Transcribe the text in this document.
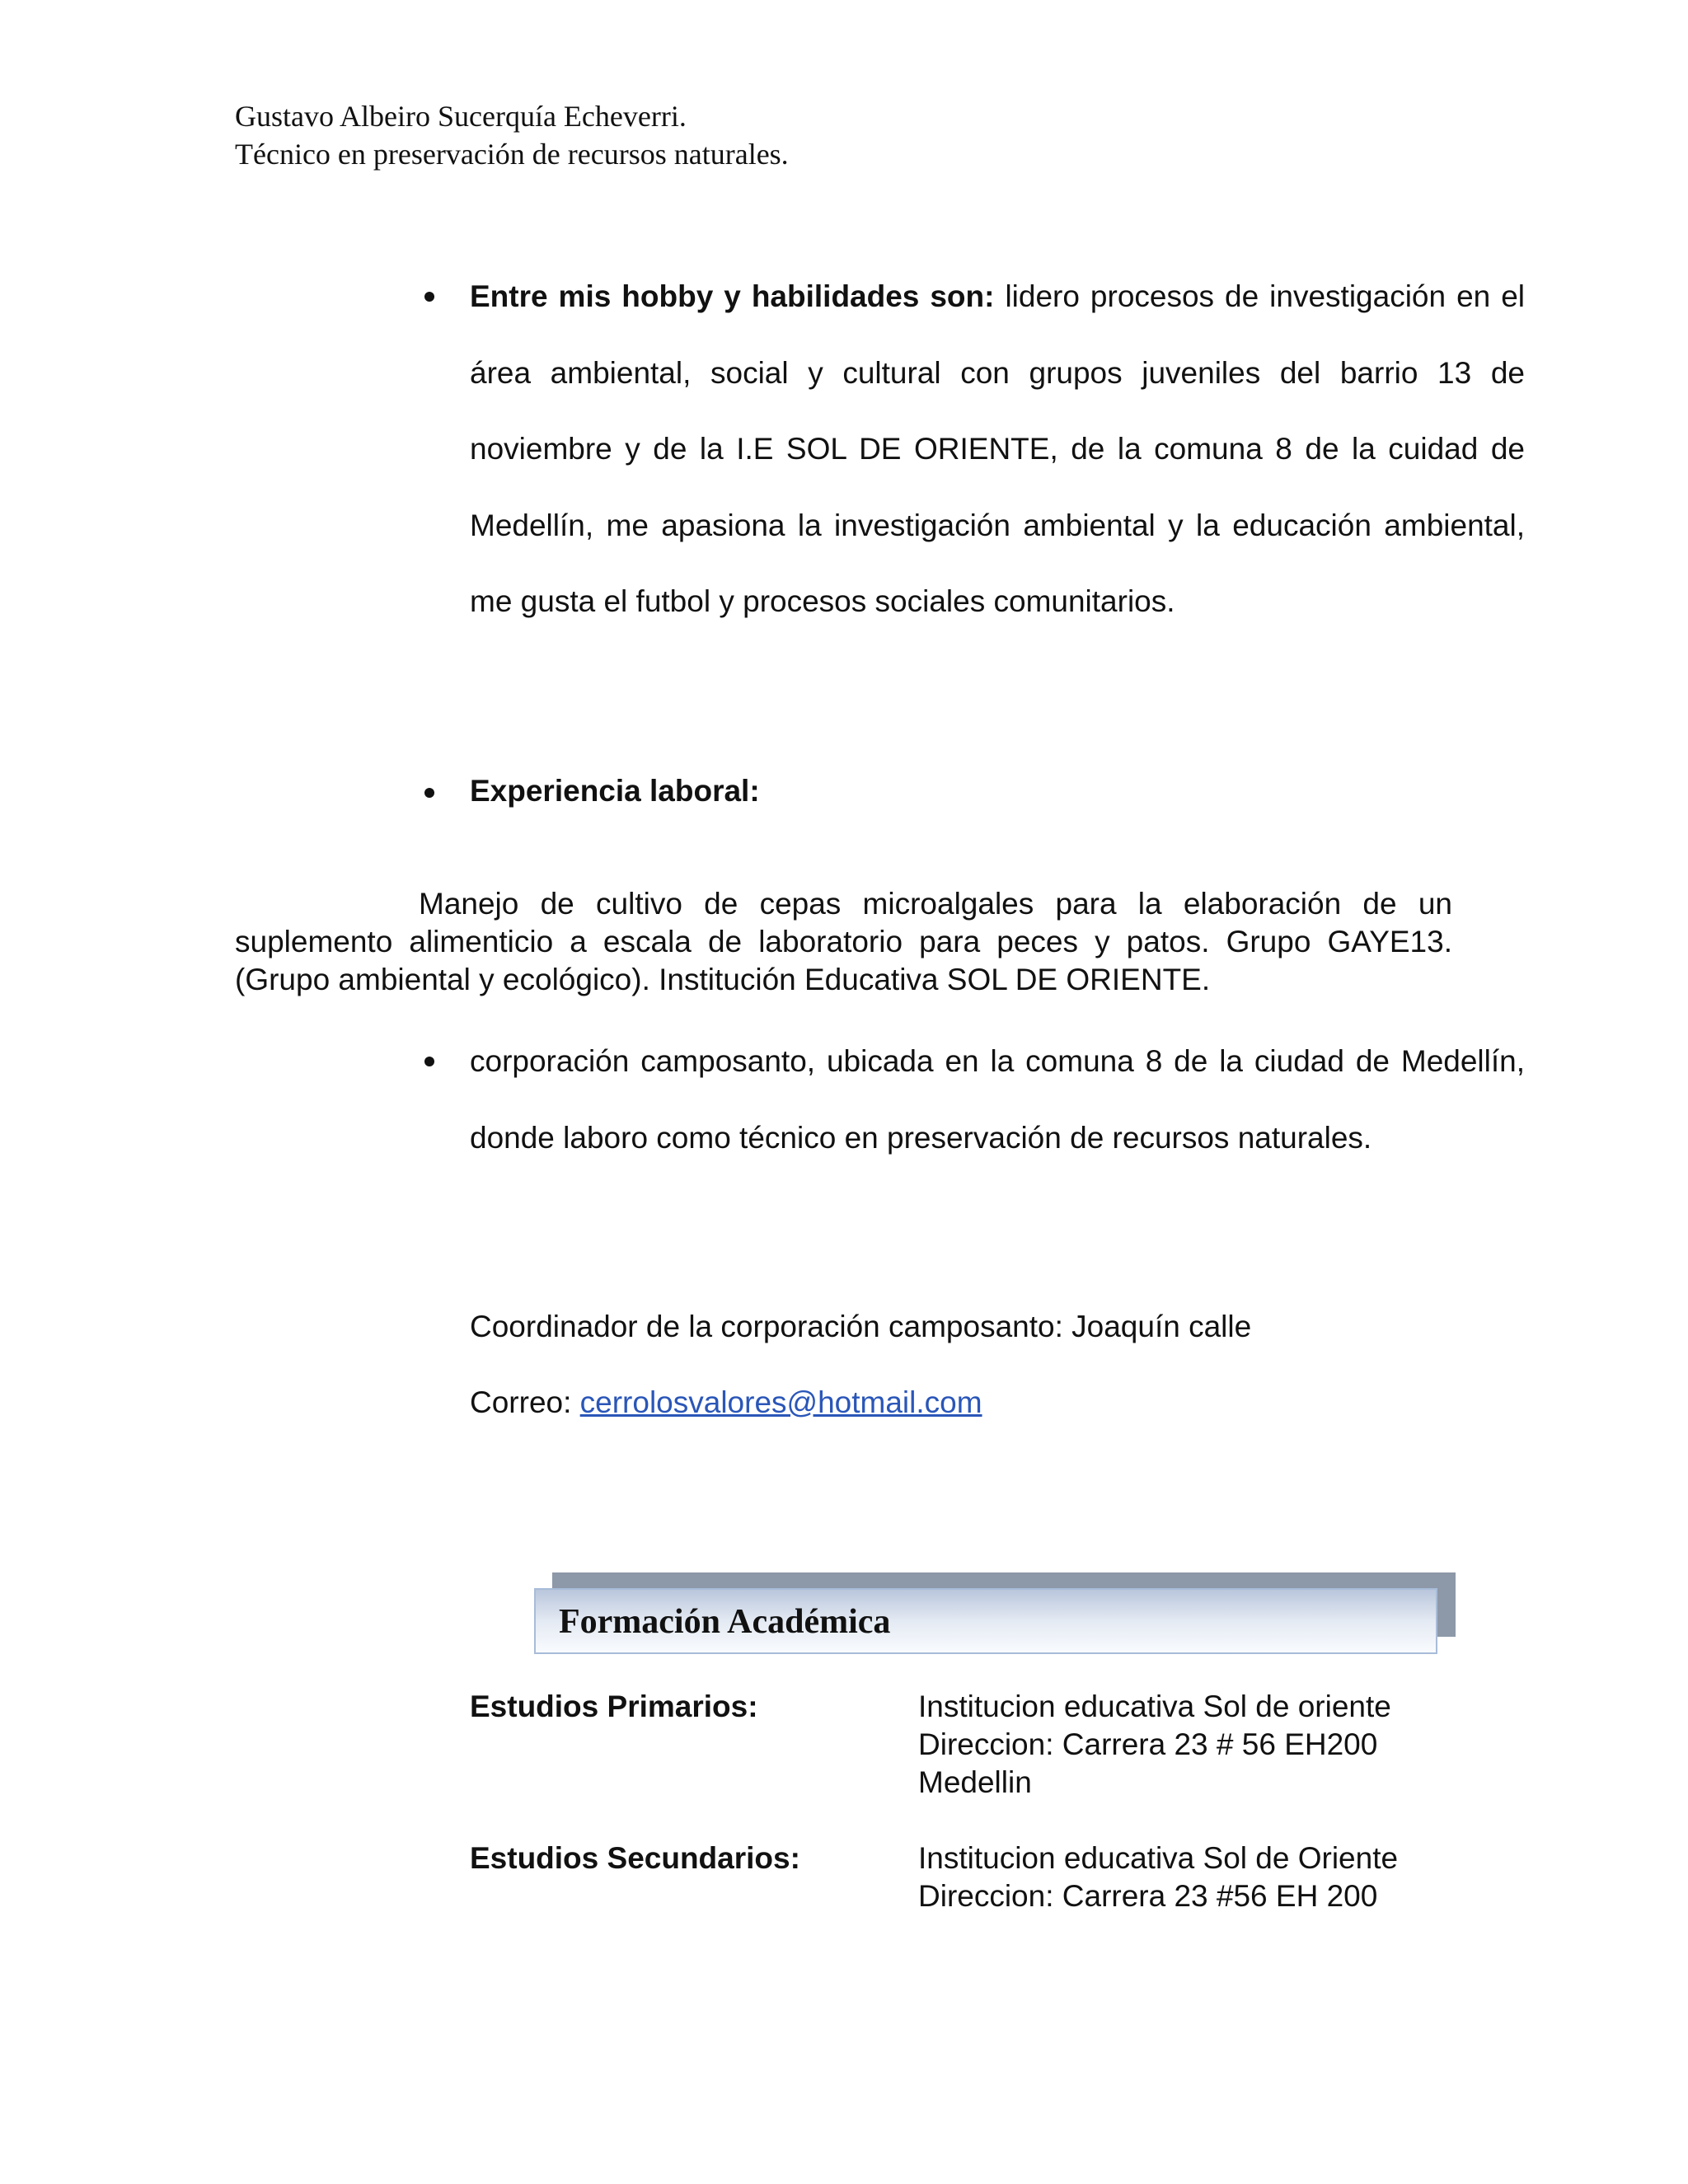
Gustavo Albeiro Sucerquía Echeverri.
Técnico en preservación de recursos naturales.
Entre mis hobby y habilidades son: lidero procesos de investigación en el área ambiental, social y cultural con grupos juveniles del barrio 13 de noviembre y de la I.E SOL DE ORIENTE, de la comuna 8 de la cuidad de Medellín, me apasiona la investigación ambiental y la educación ambiental, me gusta el futbol y procesos sociales comunitarios.
Experiencia laboral:
Manejo de cultivo de cepas microalgales para la elaboración de un suplemento alimenticio a escala de laboratorio para peces y patos. Grupo GAYE13. (Grupo ambiental y ecológico). Institución Educativa SOL DE ORIENTE.
corporación camposanto, ubicada en la comuna 8 de la ciudad de Medellín, donde laboro como técnico en preservación de recursos naturales.
Coordinador de la corporación camposanto: Joaquín calle
Correo: cerrolosvalores@hotmail.com
Formación Académica
Estudios Primarios:	Institucion educativa Sol de oriente
Direccion: Carrera 23 # 56 EH200
Medellin
Estudios Secundarios:	Institucion educativa Sol de Oriente
Direccion: Carrera 23 #56 EH 200
